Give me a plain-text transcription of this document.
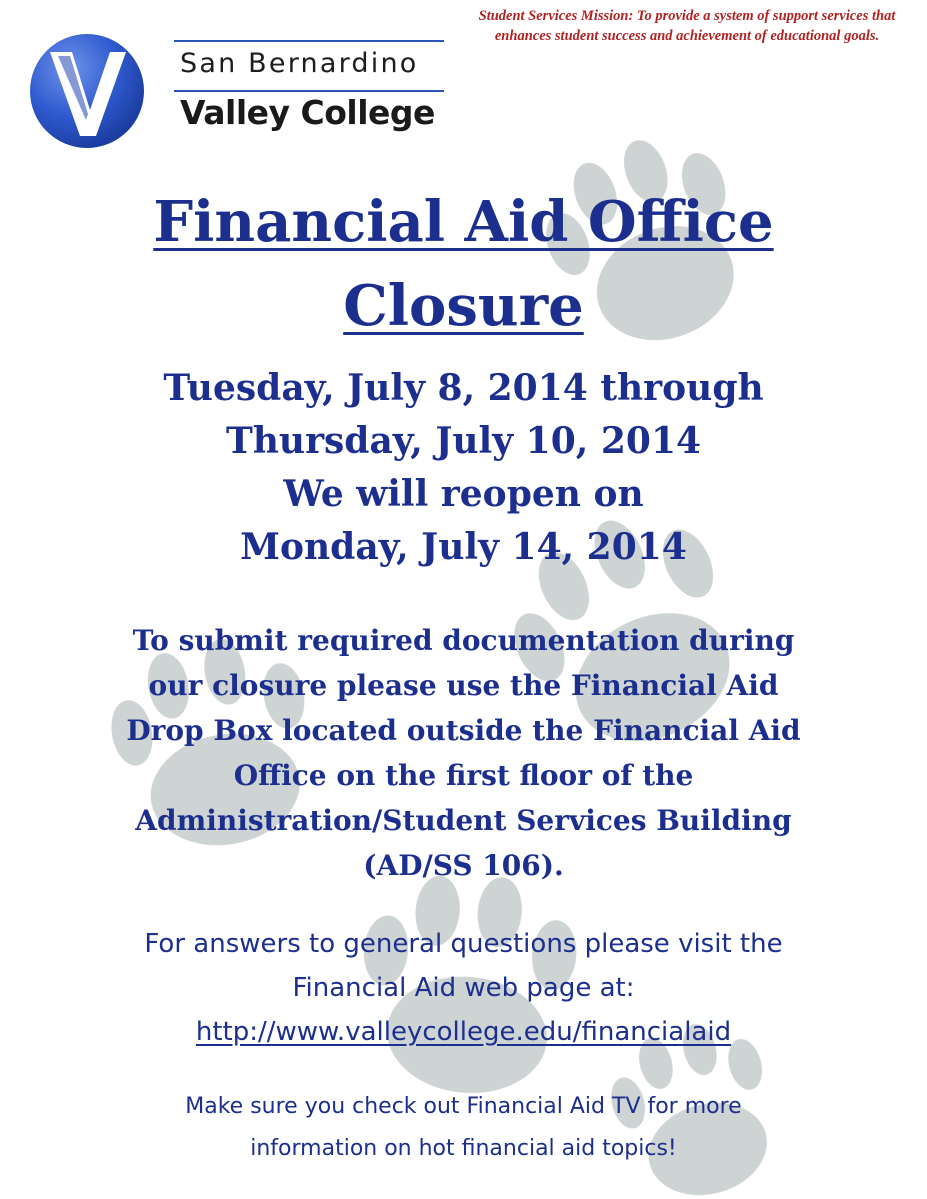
San Bernardino
Valley College
Student Services Mission: To provide a system of support services that enhances student success and achievement of educational goals.
Financial Aid Office
Closure
Tuesday, July 8, 2014 through
Thursday, July 10, 2014
We will reopen on
Monday, July 14, 2014
To submit required documentation during
our closure please use the Financial Aid
Drop Box located outside the Financial Aid
Office on the first floor of the
Administration/Student Services Building
(AD/SS 106).
For answers to general questions please visit the
Financial Aid web page at:
http://www.valleycollege.edu/financialaid
Make sure you check out Financial Aid TV for more
information on hot financial aid topics!
